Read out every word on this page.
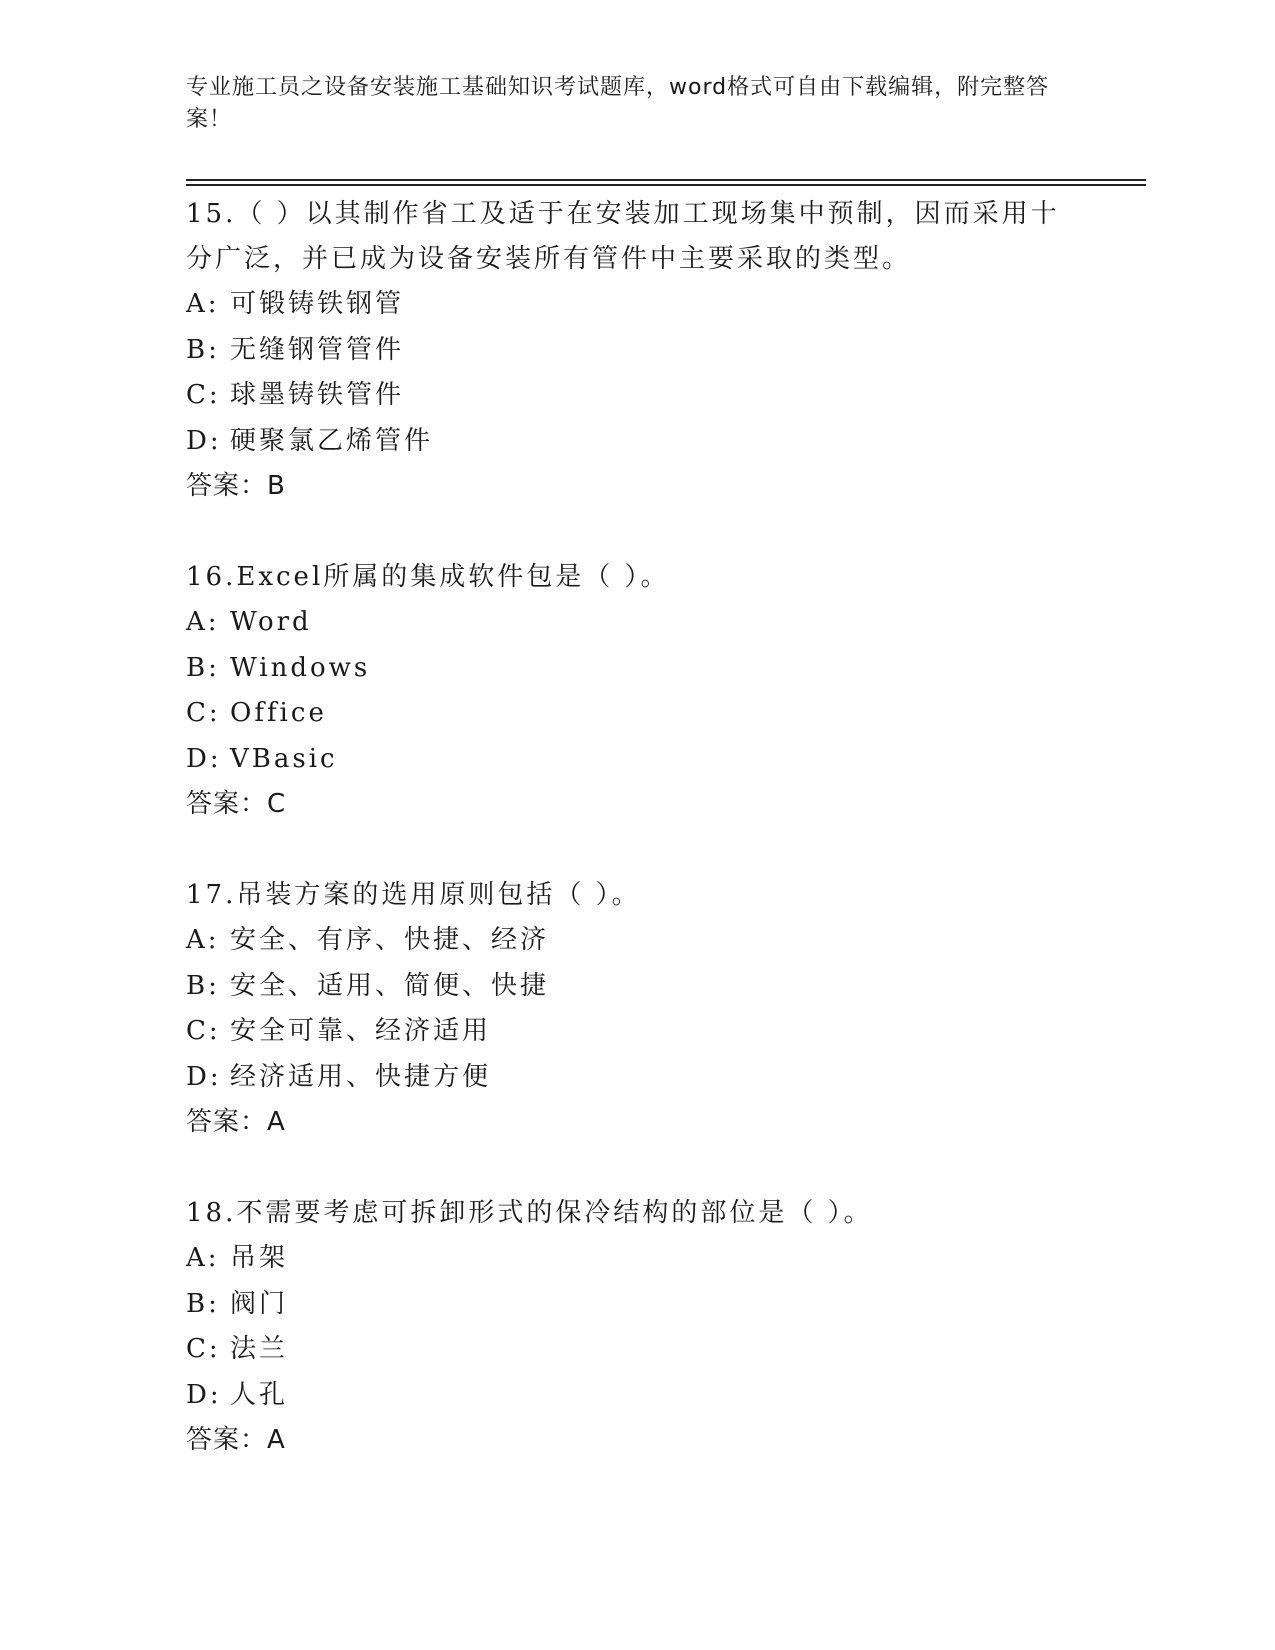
专业施工员之设备安装施工基础知识考试题库，word格式可自由下载编辑，附完整答案！
15.（ ）以其制作省工及适于在安装加工现场集中预制，因而采用十分广泛，并已成为设备安装所有管件中主要采取的类型。
A: 可锻铸铁钢管
B: 无缝钢管管件
C: 球墨铸铁管件
D: 硬聚氯乙烯管件
答案：B
16.Excel所属的集成软件包是（ ）。
A: Word
B: Windows
C: Office
D: VBasic
答案：C
17.吊装方案的选用原则包括（ ）。
A: 安全、有序、快捷、经济
B: 安全、适用、简便、快捷
C: 安全可靠、经济适用
D: 经济适用、快捷方便
答案：A
18.不需要考虑可拆卸形式的保冷结构的部位是（ ）。
A: 吊架
B: 阀门
C: 法兰
D: 人孔
答案：A
